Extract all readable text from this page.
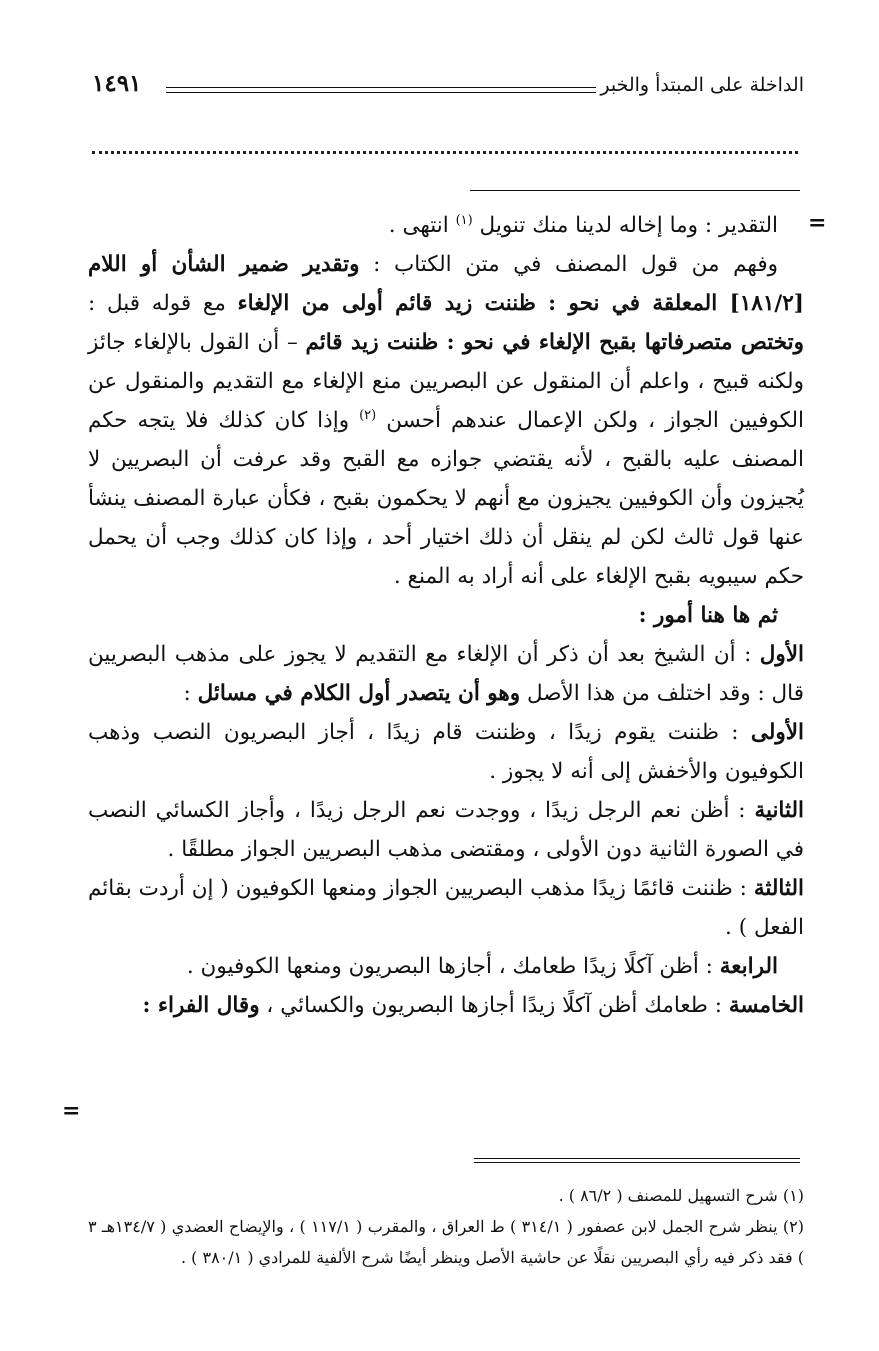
الداخلة على المبتدأ والخبر
١٤٩١
=

التقدير : وما إخاله لدينا منك تنويل $^{(١)}$ انتهى .

وفهم من قول المصنف في متن الكتاب : وتقدير ضمير الشأن أو اللام [١٨١/٢] المعلقة في نحو : ظننت زيد قائم أولى من الإلغاء مع قوله قبل : وتختص متصرفاتها بقبح الإلغاء في نحو : ظننت زيد قائم – أن القول بالإلغاء جائز ولكنه قبيح ، واعلم أن المنقول عن البصريين منع الإلغاء مع التقديم والمنقول عن الكوفيين الجواز ، ولكن الإعمال عندهم أحسن $^{(٢)}$ وإذا كان كذلك فلا يتجه حكم المصنف عليه بالقبح ، لأنه يقتضي جوازه مع القبح وقد عرفت أن البصريين لا يُجيزون وأن الكوفيين يجيزون مع أنهم لا يحكمون بقبح ، فكأن عبارة المصنف ينشأ عنها قول ثالث لكن لم ينقل أن ذلك اختيار أحد ، وإذا كان كذلك وجب أن يحمل حكم سيبويه بقبح الإلغاء على أنه أراد به المنع .

ثم ها هنا أمور :

الأول : أن الشيخ بعد أن ذكر أن الإلغاء مع التقديم لا يجوز على مذهب البصريين قال : وقد اختلف من هذا الأصل وهو أن يتصدر أول الكلام في مسائل :

الأولى : ظننت يقوم زيدًا ، وظننت قام زيدًا ، أجاز البصريون النصب وذهب الكوفيون والأخفش إلى أنه لا يجوز .

الثانية : أظن نعم الرجل زيدًا ، ووجدت نعم الرجل زيدًا ، وأجاز الكسائي النصب في الصورة الثانية دون الأولى ، ومقتضى مذهب البصريين الجواز مطلقًا .

الثالثة : ظننت قائمًا زيدًا مذهب البصريين الجواز ومنعها الكوفيون ( إن أردت بقائم الفعل ) .

الرابعة : أظن آكلًا زيدًا طعامك ، أجازها البصريون ومنعها الكوفيون .

الخامسة : طعامك أظن آكلًا زيدًا أجازها البصريون والكسائي ، وقال الفراء :

=

(١) شرح التسهيل للمصنف ( ٨٦/٢ ) .

(٢) ينظر شرح الجمل لابن عصفور ( ٣١٤/١ ) ط العراق ، والمقرب ( ١١٧/١ ) ، والإيضاح العضدي ( ١٣٤/٧هـ ٣ ) فقد ذكر فيه رأي البصريين نقلًا عن حاشية الأصل وينظر أيضًا شرح الألفية للمرادي ( ٣٨٠/١ ) .
